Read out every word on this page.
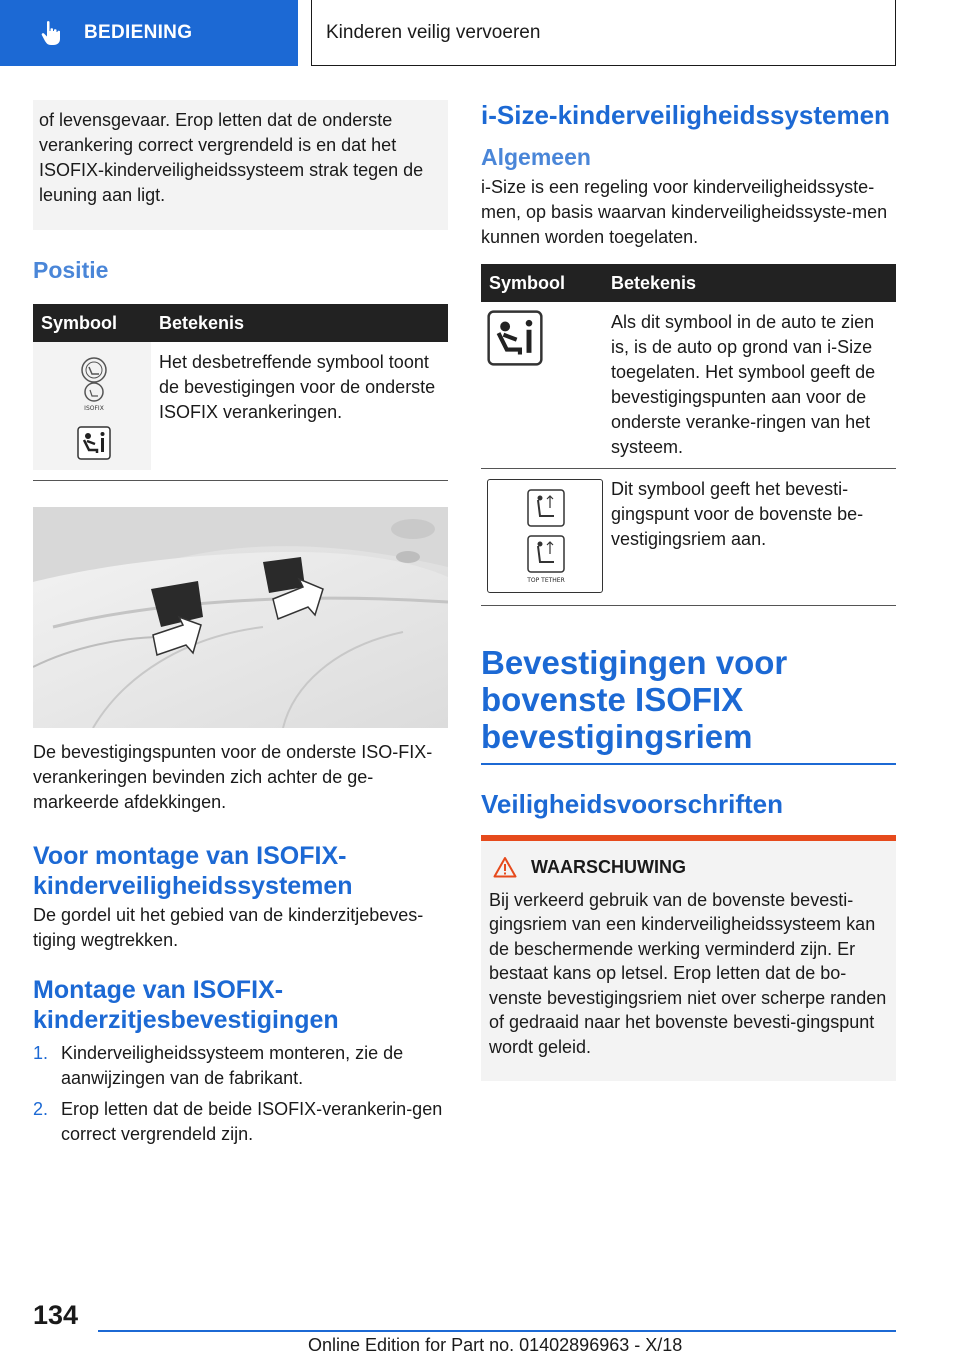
BEDIENING	Kinderen veilig vervoeren
of levensgevaar. Erop letten dat de onderste verankering correct vergrendeld is en dat het ISOFIX-kinderveiligheidssysteem strak tegen de leuning aan ligt.
Positie
Symbool	Betekenis

ISOFIX	Het desbetreffende symbool toont de bevestigingen voor de onderste ISOFIX verankeringen.
De bevestigingspunten voor de onderste ISO-FIX-verankeringen bevinden zich achter de ge-markeerde afdekkingen.
Voor montage van ISOFIX-kinderveiligheidssystemen
De gordel uit het gebied van de kinderzitjebeves-tiging wegtrekken.
Montage van ISOFIX-kinderzitjesbevestigingen
1. Kinderveiligheidssysteem monteren, zie de aanwijzingen van de fabrikant.
2. Erop letten dat de beide ISOFIX-verankerin-gen correct vergrendeld zijn.
i-Size-kinderveiligheidssystemen
Algemeen
i-Size is een regeling voor kinderveiligheidssyste-men, op basis waarvan kinderveiligheidssyste-men kunnen worden toegelaten.
Symbool	Betekenis
	Als dit symbool in de auto te zien is, is de auto op grond van i-Size toegelaten. Het symbool geeft de bevestigingspunten aan voor de onderste veranke-ringen van het systeem.

TOP TETHER	Dit symbool geeft het bevesti-gingspunt voor de bovenste be-vestigingsriem aan.
Bevestigingen voor bovenste ISOFIX bevestigingsriem
Veiligheidsvoorschriften
WAARSCHUWING
Bij verkeerd gebruik van de bovenste bevesti-gingsriem van een kinderveiligheidssysteem kan de beschermende werking verminderd zijn. Er bestaat kans op letsel. Erop letten dat de bo-venste bevestigingsriem niet over scherpe randen of gedraaid naar het bovenste bevesti-gingspunt wordt geleid.
134
Online Edition for Part no. 01402896963 - X/18
